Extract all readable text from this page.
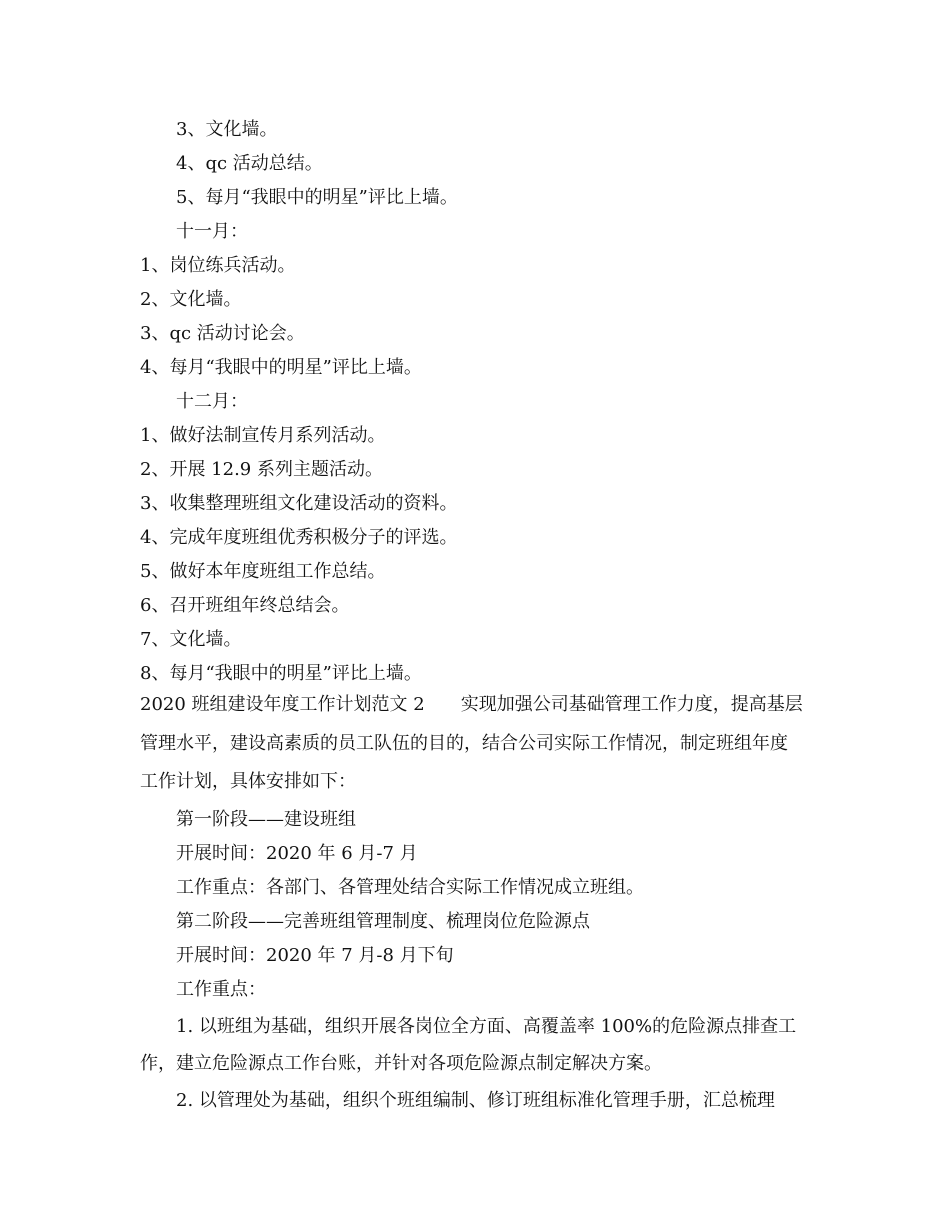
3、文化墙。
4、qc 活动总结。
5、每月“我眼中的明星”评比上墙。
十一月：
1、岗位练兵活动。
2、文化墙。
3、qc 活动讨论会。
4、每月“我眼中的明星”评比上墙。
十二月：
1、做好法制宣传月系列活动。
2、开展 12.9 系列主题活动。
3、收集整理班组文化建设活动的资料。
4、完成年度班组优秀积极分子的评选。
5、做好本年度班组工作总结。
6、召开班组年终总结会。
7、文化墙。
8、每月“我眼中的明星”评比上墙。
2020 班组建设年度工作计划范文 2　　实现加强公司基础管理工作力度，提高基层
管理水平，建设高素质的员工队伍的目的，结合公司实际工作情况，制定班组年度
工作计划，具体安排如下：
第一阶段——建设班组
开展时间：2020 年 6 月-7 月
工作重点：各部门、各管理处结合实际工作情况成立班组。
第二阶段——完善班组管理制度、梳理岗位危险源点
开展时间：2020 年 7 月-8 月下旬
工作重点：
1. 以班组为基础，组织开展各岗位全方面、高覆盖率 100%的危险源点排查工
作，建立危险源点工作台账，并针对各项危险源点制定解决方案。
2. 以管理处为基础，组织个班组编制、修订班组标准化管理手册，汇总梳理
